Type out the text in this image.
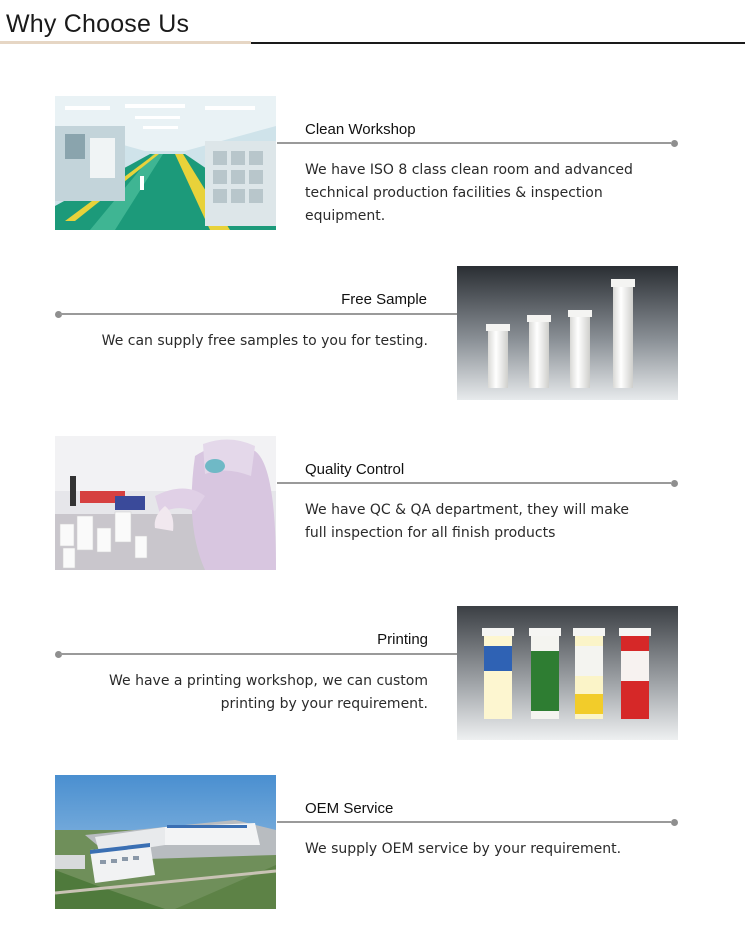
Why Choose Us
Clean Workshop
We have ISO 8 class clean room and advanced
technical production facilities & inspection
equipment.
Free Sample
We can supply free samples to you for testing.
Quality Control
We have QC & QA department, they will make
full inspection for all finish products
Printing
We have a printing workshop, we can custom
printing by your requirement.
OEM Service
We supply OEM service by your requirement.
